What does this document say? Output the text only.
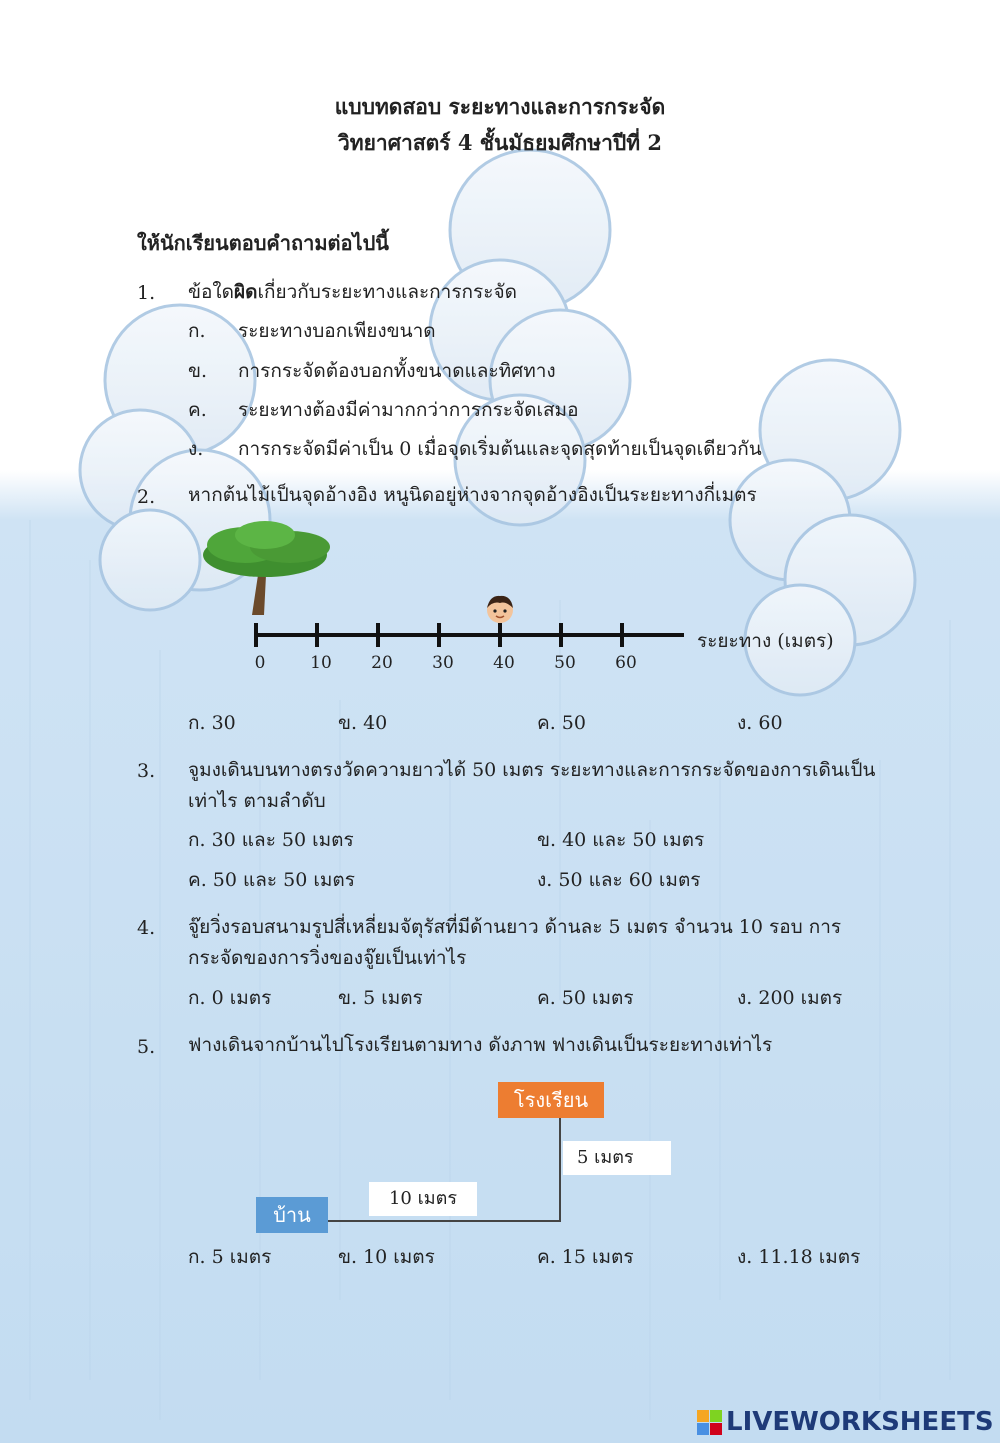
แบบทดสอบ ระยะทางและการกระจัด
วิทยาศาสตร์ 4 ชั้นมัธยมศึกษาปีที่ 2
ให้นักเรียนตอบคำถามต่อไปนี้
1. ข้อใดผิดเกี่ยวกับระยะทางและการกระจัด
ก. ระยะทางบอกเพียงขนาด
ข. การกระจัดต้องบอกทั้งขนาดและทิศทาง
ค. ระยะทางต้องมีค่ามากกว่าการกระจัดเสมอ
ง. การกระจัดมีค่าเป็น 0 เมื่อจุดเริ่มต้นและจุดสุดท้ายเป็นจุดเดียวกัน
2. หากต้นไม้เป็นจุดอ้างอิง หนูนิดอยู่ห่างจากจุดอ้างอิงเป็นระยะทางกี่เมตร
0	10 20 30 40 50 60
ระยะทาง (เมตร)
ก. 30	ข. 40	ค. 50	ง. 60
3. จูมงเดินบนทางตรงวัดความยาวได้ 50 เมตร ระยะทางและการกระจัดของการเดินเป็น
เท่าไร ตามลำดับ
ก. 30 และ 50 เมตร	ข. 40 และ 50 เมตร
ค. 50 และ 50 เมตร	ง. 50 และ 60 เมตร
4. จู๊ยวิ่งรอบสนามรูปสี่เหลี่ยมจัตุรัสที่มีด้านยาว ด้านละ 5 เมตร จำนวน 10 รอบ การ
กระจัดของการวิ่งของจู๊ยเป็นเท่าไร
ก. 0 เมตร	ข. 5 เมตร	ค. 50 เมตร	ง. 200 เมตร
5. ฟางเดินจากบ้านไปโรงเรียนตามทาง ดังภาพ ฟางเดินเป็นระยะทางเท่าไร
โรงเรียน
บ้าน
10 เมตร
5 เมตร
ก. 5 เมตร	ข. 10 เมตร	ค. 15 เมตร	ง. 11.18 เมตร
LIVEWORKSHEETS
